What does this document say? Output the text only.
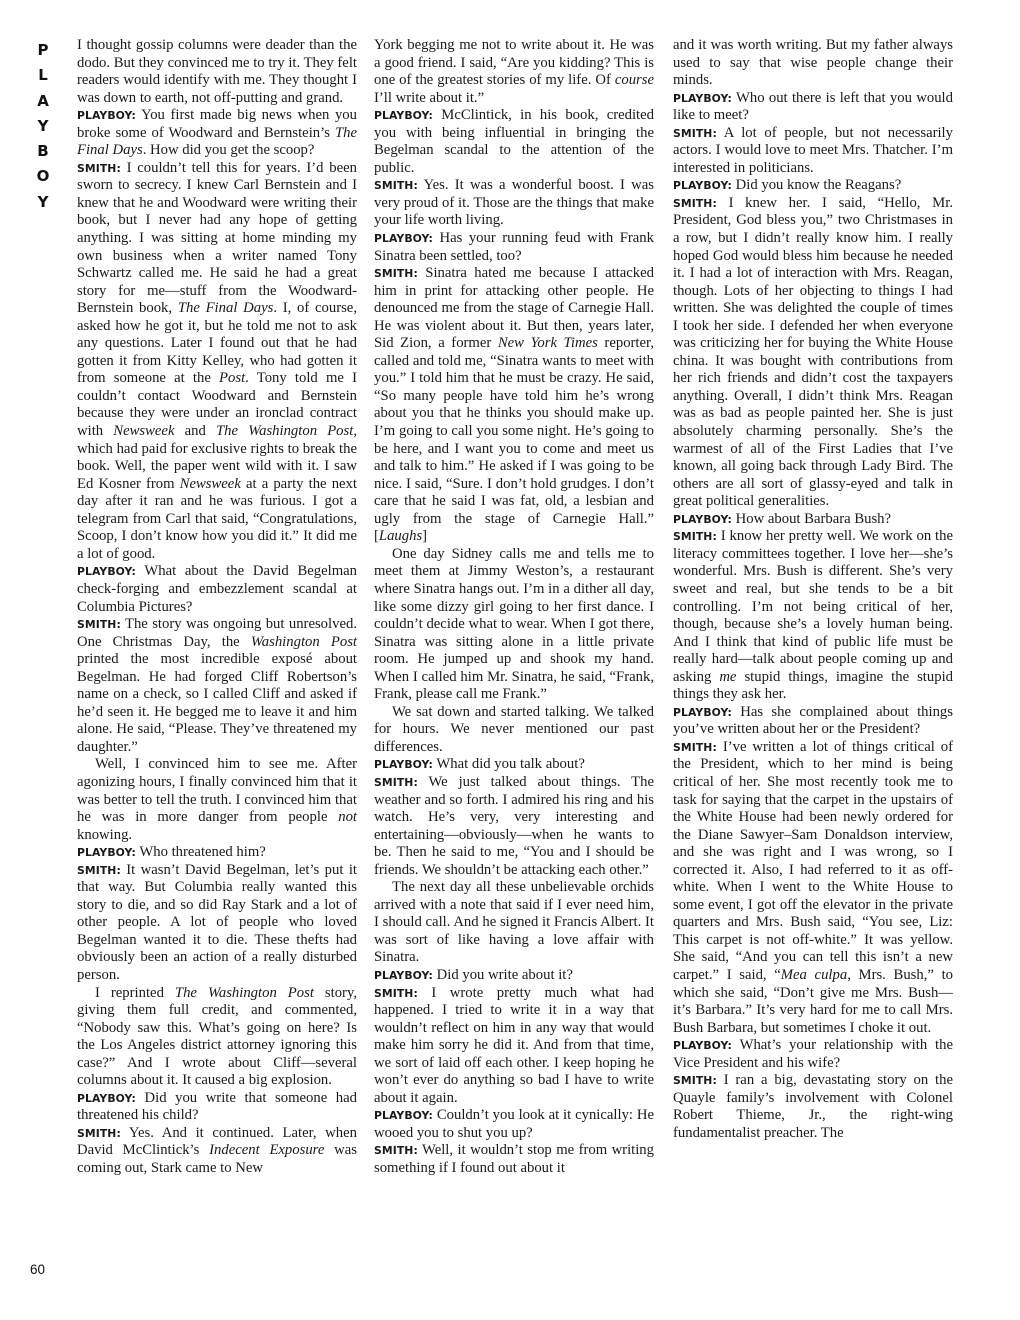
P
L
A
Y
B
O
Y

I thought gossip columns were deader than the dodo. But they convinced me to try it. They felt readers would identify with me. They thought I was down to earth, not off-putting and grand.

PLAYBOY: You first made big news when you broke some of Woodward and Bernstein’s The Final Days. How did you get the scoop?

SMITH: I couldn’t tell this for years. I’d been sworn to secrecy. I knew Carl Bernstein and I knew that he and Woodward were writing their book, but I never had any hope of getting anything. I was sitting at home minding my own business when a writer named Tony Schwartz called me. He said he had a great story for me—stuff from the Woodward-Bernstein book, The Final Days. I, of course, asked how he got it, but he told me not to ask any questions. Later I found out that he had gotten it from Kitty Kelley, who had gotten it from someone at the Post. Tony told me I couldn’t contact Woodward and Bernstein because they were under an ironclad contract with Newsweek and The Washington Post, which had paid for exclusive rights to break the book. Well, the paper went wild with it. I saw Ed Kosner from Newsweek at a party the next day after it ran and he was furious. I got a telegram from Carl that said, “Congratulations, Scoop, I don’t know how you did it.” It did me a lot of good.

PLAYBOY: What about the David Begelman check-forging and embezzlement scandal at Columbia Pictures?

SMITH: The story was ongoing but unresolved. One Christmas Day, the Washington Post printed the most incredible exposé about Begelman. He had forged Cliff Robertson’s name on a check, so I called Cliff and asked if he’d seen it. He begged me to leave it and him alone. He said, “Please. They’ve threatened my daughter.”

Well, I convinced him to see me. After agonizing hours, I finally convinced him that it was better to tell the truth. I convinced him that he was in more danger from people not knowing.

PLAYBOY: Who threatened him?

SMITH: It wasn’t David Begelman, let’s put it that way. But Columbia really wanted this story to die, and so did Ray Stark and a lot of other people. A lot of people who loved Begelman wanted it to die. These thefts had obviously been an action of a really disturbed person.

I reprinted The Washington Post story, giving them full credit, and commented, “Nobody saw this. What’s going on here? Is the Los Angeles district attorney ignoring this case?” And I wrote about Cliff—several columns about it. It caused a big explosion.

PLAYBOY: Did you write that someone had threatened his child?

SMITH: Yes. And it continued. Later, when David McClintick’s Indecent Exposure was coming out, Stark came to New

York begging me not to write about it. He was a good friend. I said, “Are you kidding? This is one of the greatest stories of my life. Of course I’ll write about it.”

PLAYBOY: McClintick, in his book, credited you with being influential in bringing the Begelman scandal to the attention of the public.

SMITH: Yes. It was a wonderful boost. I was very proud of it. Those are the things that make your life worth living.

PLAYBOY: Has your running feud with Frank Sinatra been settled, too?

SMITH: Sinatra hated me because I attacked him in print for attacking other people. He denounced me from the stage of Carnegie Hall. He was violent about it. But then, years later, Sid Zion, a former New York Times reporter, called and told me, “Sinatra wants to meet with you.” I told him that he must be crazy. He said, “So many people have told him he’s wrong about you that he thinks you should make up. I’m going to call you some night. He’s going to be here, and I want you to come and meet us and talk to him.” He asked if I was going to be nice. I said, “Sure. I don’t hold grudges. I don’t care that he said I was fat, old, a lesbian and ugly from the stage of Carnegie Hall.” [Laughs]

One day Sidney calls me and tells me to meet them at Jimmy Weston’s, a restaurant where Sinatra hangs out. I’m in a dither all day, like some dizzy girl going to her first dance. I couldn’t decide what to wear. When I got there, Sinatra was sitting alone in a little private room. He jumped up and shook my hand. When I called him Mr. Sinatra, he said, “Frank, Frank, please call me Frank.”

We sat down and started talking. We talked for hours. We never mentioned our past differences.

PLAYBOY: What did you talk about?

SMITH: We just talked about things. The weather and so forth. I admired his ring and his watch. He’s very, very interesting and entertaining—obviously—when he wants to be. Then he said to me, “You and I should be friends. We shouldn’t be attacking each other.”

The next day all these unbelievable orchids arrived with a note that said if I ever need him, I should call. And he signed it Francis Albert. It was sort of like having a love affair with Sinatra.

PLAYBOY: Did you write about it?

SMITH: I wrote pretty much what had happened. I tried to write it in a way that wouldn’t reflect on him in any way that would make him sorry he did it. And from that time, we sort of laid off each other. I keep hoping he won’t ever do anything so bad I have to write about it again.

PLAYBOY: Couldn’t you look at it cynically: He wooed you to shut you up?

SMITH: Well, it wouldn’t stop me from writing something if I found out about it

and it was worth writing. But my father always used to say that wise people change their minds.

PLAYBOY: Who out there is left that you would like to meet?

SMITH: A lot of people, but not necessarily actors. I would love to meet Mrs. Thatcher. I’m interested in politicians.

PLAYBOY: Did you know the Reagans?

SMITH: I knew her. I said, “Hello, Mr. President, God bless you,” two Christmases in a row, but I didn’t really know him. I really hoped God would bless him because he needed it. I had a lot of interaction with Mrs. Reagan, though. Lots of her objecting to things I had written. She was delighted the couple of times I took her side. I defended her when everyone was criticizing her for buying the White House china. It was bought with contributions from her rich friends and didn’t cost the taxpayers anything. Overall, I didn’t think Mrs. Reagan was as bad as people painted her. She is just absolutely charming personally. She’s the warmest of all of the First Ladies that I’ve known, all going back through Lady Bird. The others are all sort of glassy-eyed and talk in great political generalities.

PLAYBOY: How about Barbara Bush?

SMITH: I know her pretty well. We work on the literacy committees together. I love her—she’s wonderful. Mrs. Bush is different. She’s very sweet and real, but she tends to be a bit controlling. I’m not being critical of her, though, because she’s a lovely human being. And I think that kind of public life must be really hard—talk about people coming up and asking me stupid things, imagine the stupid things they ask her.

PLAYBOY: Has she complained about things you’ve written about her or the President?

SMITH: I’ve written a lot of things critical of the President, which to her mind is being critical of her. She most recently took me to task for saying that the carpet in the upstairs of the White House had been newly ordered for the Diane Sawyer–Sam Donaldson interview, and she was right and I was wrong, so I corrected it. Also, I had referred to it as off-white. When I went to the White House to some event, I got off the elevator in the private quarters and Mrs. Bush said, “You see, Liz: This carpet is not off-white.” It was yellow. She said, “And you can tell this isn’t a new carpet.” I said, “Mea culpa, Mrs. Bush,” to which she said, “Don’t give me Mrs. Bush—it’s Barbara.” It’s very hard for me to call Mrs. Bush Barbara, but sometimes I choke it out.

PLAYBOY: What’s your relationship with the Vice President and his wife?

SMITH: I ran a big, devastating story on the Quayle family’s involvement with Colonel Robert Thieme, Jr., the right-wing fundamentalist preacher. The

60
